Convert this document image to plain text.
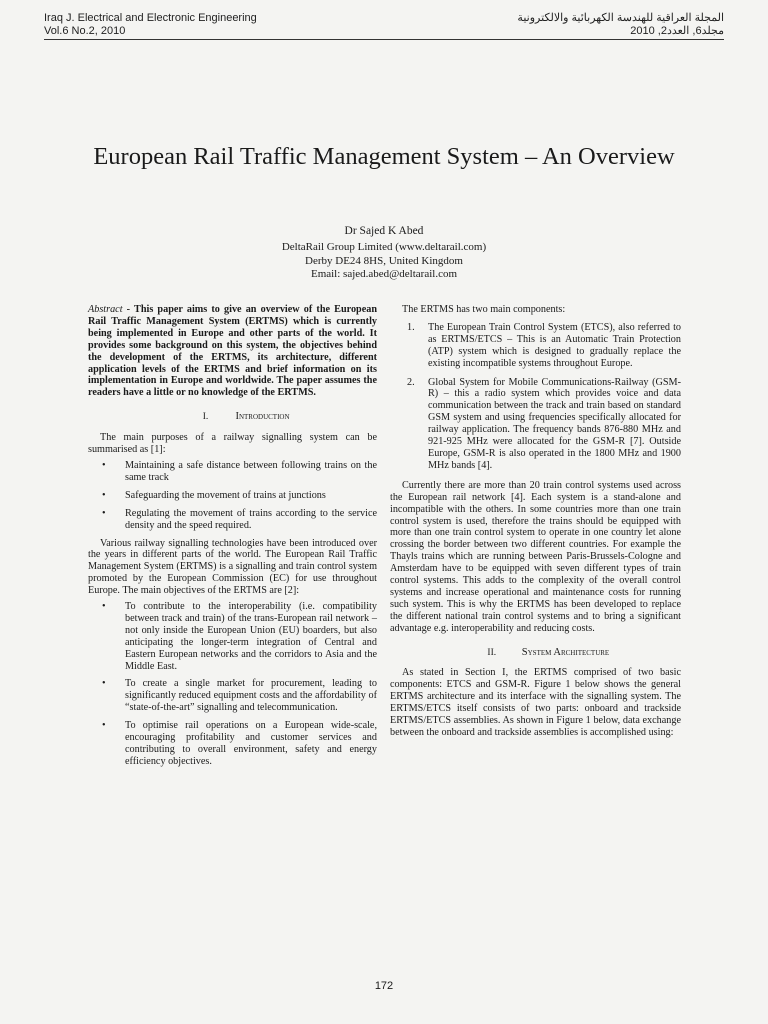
Iraq J. Electrical and Electronic Engineering
Vol.6 No.2, 2010
المجلة العراقية للهندسة الكهربائية والالكترونية
مجلد6, العدد2, 2010
European Rail Traffic Management System – An Overview
Dr Sajed K Abed
DeltaRail Group Limited (www.deltarail.com)
Derby DE24 8HS, United Kingdom
Email: sajed.abed@deltarail.com

Abstract - This paper aims to give an overview of the European Rail Traffic Management System (ERTMS) which is currently being implemented in Europe and other parts of the world. It provides some background on this system, the objectives behind the development of the ERTMS, its architecture, different application levels of the ERTMS and brief information on its implementation in Europe and worldwide. The paper assumes the readers have a little or no knowledge of the ERTMS.

I.	Introduction

The main purposes of a railway signalling system can be summarised as [1]:

• Maintaining a safe distance between following trains on the same track
• Safeguarding the movement of trains at junctions
• Regulating the movement of trains according to the service density and the speed required.

Various railway signalling technologies have been introduced over the years in different parts of the world. The European Rail Traffic Management System (ERTMS) is a signalling and train control system promoted by the European Commission (EC) for use throughout Europe. The main objectives of the ERTMS are [2]:

• To contribute to the interoperability (i.e. compatibility between track and train) of the trans-European rail network – not only inside the European Union (EU) boarders, but also anticipating the longer-term integration of Central and Eastern European networks and the corridors to Asia and the Middle East.
• To create a single market for procurement, leading to significantly reduced equipment costs and the affordability of “state-of-the-art” signalling and telecommunication.
• To optimise rail operations on a European wide-scale, encouraging profitability and customer services and contributing to overall environment, safety and energy efficiency objectives.

The ERTMS has two main components:

1. The European Train Control System (ETCS), also referred to as ERTMS/ETCS – This is an Automatic Train Protection (ATP) system which is designed to gradually replace the existing incompatible systems throughout Europe.
2. Global System for Mobile Communications-Railway (GSM-R) – this a radio system which provides voice and data communication between the track and train based on standard GSM system and using frequencies specifically allocated for railway application. The frequency bands 876-880 MHz and 921-925 MHz were allocated for the GSM-R [7]. Outside Europe, GSM-R is also operated in the 1800 MHz and 1900 MHz bands [4].

Currently there are more than 20 train control systems used across the European rail network [4]. Each system is a stand-alone and incompatible with the others. In some countries more than one train control system is used, therefore the trains should be equipped with more than one train control system to operate in one country let alone crossing the border between two different countries. For example the Thayls trains which are running between Paris-Brussels-Cologne and Amsterdam have to be equipped with seven different types of train control systems. This adds to the complexity of the overall control systems and increase operational and maintenance costs for running such system. This is why the ERTMS has been developed to replace the different national train control systems and to bring a significant advantage e.g. interoperability and reducing costs.

II. System Architecture

As stated in Section I, the ERTMS comprised of two basic components: ETCS and GSM-R. Figure 1 below shows the general ERTMS architecture and its interface with the signalling system. The ERTMS/ETCS itself consists of two parts: onboard and trackside ERTMS/ETCS assemblies. As shown in Figure 1 below, data exchange between the onboard and trackside assemblies is accomplished using:

172
